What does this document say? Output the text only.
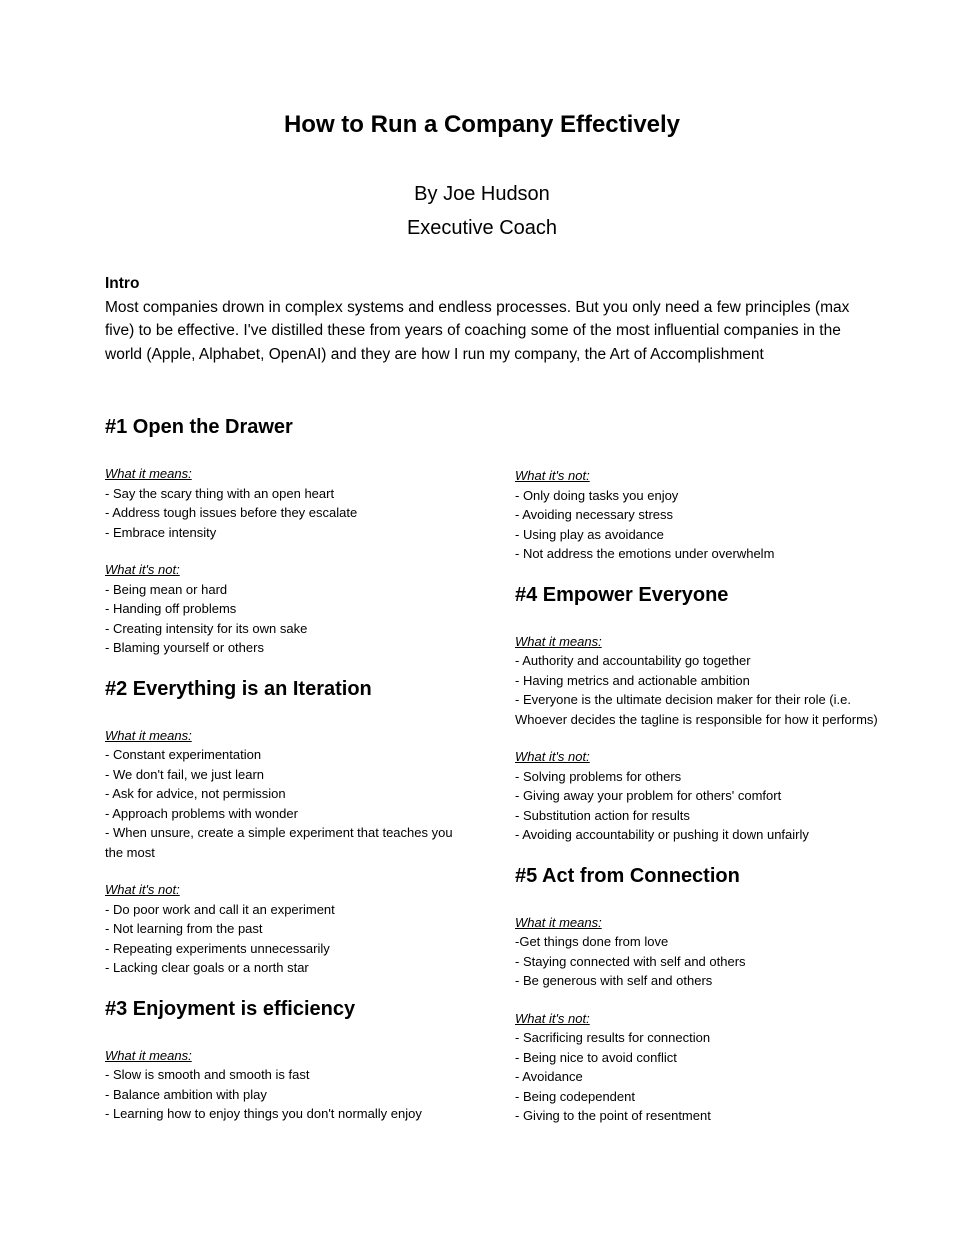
How to Run a Company Effectively
By Joe Hudson
Executive Coach
Intro
Most companies drown in complex systems and endless processes. But you only need a few principles (max five) to be effective. I've distilled these from years of coaching some of the most influential companies in the world (Apple, Alphabet, OpenAI) and they are how I run my company, the Art of Accomplishment
#1 Open the Drawer
What it means:
- Say the scary thing with an open heart
- Address tough issues before they escalate
- Embrace intensity
What it's not:
- Being mean or hard
- Handing off problems
- Creating intensity for its own sake
- Blaming yourself or others
#2 Everything is an Iteration
What it means:
- Constant experimentation
- We don't fail, we just learn
- Ask for advice, not permission
- Approach problems with wonder
- When unsure, create a simple experiment that teaches you the most
What it's not:
- Do poor work and call it an experiment
- Not learning from the past
- Repeating experiments unnecessarily
- Lacking clear goals or a north star
#3 Enjoyment is efficiency
What it means:
- Slow is smooth and smooth is fast
- Balance ambition with play
- Learning how to enjoy things you don't normally enjoy
What it's not:
- Only doing tasks you enjoy
- Avoiding necessary stress
- Using play as avoidance
- Not address the emotions under overwhelm
#4 Empower Everyone
What it means:
- Authority and accountability go together
- Having metrics and actionable ambition
- Everyone is the ultimate decision maker for their role (i.e. Whoever decides the tagline is responsible for how it performs)
What it's not:
- Solving problems for others
- Giving away your problem for others' comfort
- Substitution action for results
- Avoiding accountability or pushing it down unfairly
#5 Act from Connection
What it means:
-Get things done from love
- Staying connected with self and others
- Be generous with self and others
What it's not:
- Sacrificing results for connection
- Being nice to avoid conflict
- Avoidance
- Being codependent
- Giving to the point of resentment
